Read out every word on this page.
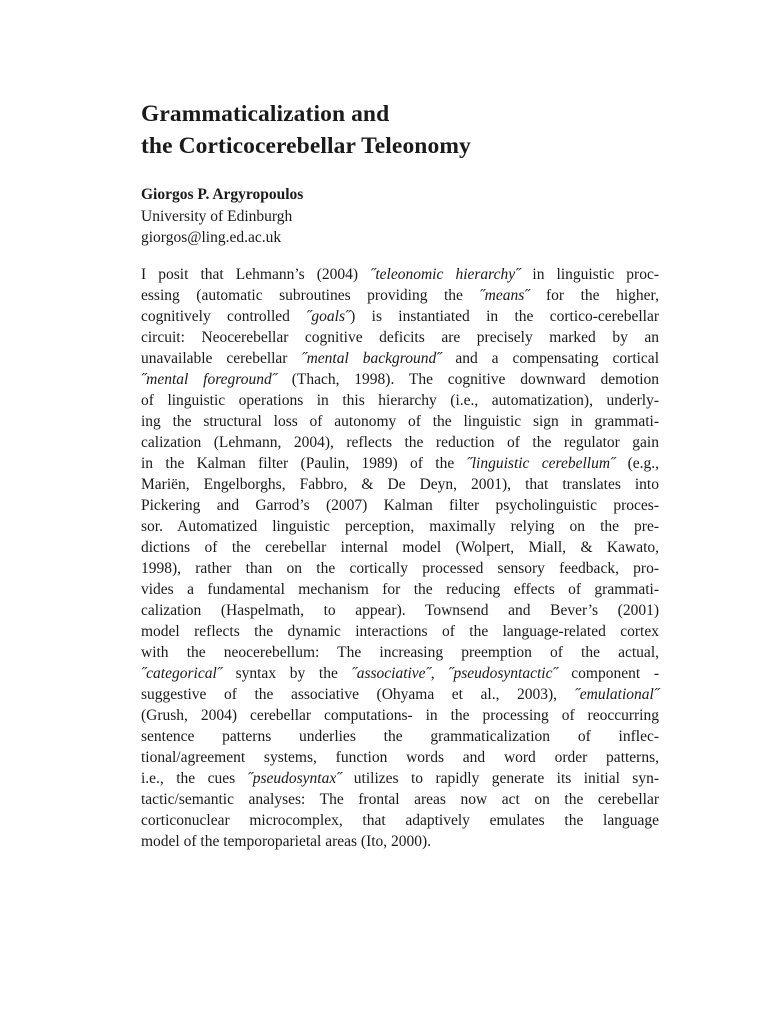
Grammaticalization and
the Corticocerebellar Teleonomy
Giorgos P. Argyropoulos
University of Edinburgh
giorgos@ling.ed.ac.uk
I posit that Lehmann’s (2004) ˝teleonomic hierarchy˝ in linguistic proc-
essing (automatic subroutines providing the ˝means˝ for the higher,
cognitively controlled ˝goals˝) is instantiated in the cortico-cerebellar
circuit: Neocerebellar cognitive deficits are precisely marked by an
unavailable cerebellar ˝mental background˝ and a compensating cortical
˝mental foreground˝ (Thach, 1998). The cognitive downward demotion
of linguistic operations in this hierarchy (i.e., automatization), underly-
ing the structural loss of autonomy of the linguistic sign in grammati-
calization (Lehmann, 2004), reflects the reduction of the regulator gain
in the Kalman filter (Paulin, 1989) of the ˝linguistic cerebellum˝ (e.g.,
Mariën, Engelborghs, Fabbro, & De Deyn, 2001), that translates into
Pickering and Garrod’s (2007) Kalman filter psycholinguistic proces-
sor. Automatized linguistic perception, maximally relying on the pre-
dictions of the cerebellar internal model (Wolpert, Miall, & Kawato,
1998), rather than on the cortically processed sensory feedback, pro-
vides a fundamental mechanism for the reducing effects of grammati-
calization (Haspelmath, to appear). Townsend and Bever’s (2001)
model reflects the dynamic interactions of the language-related cortex
with the neocerebellum: The increasing preemption of the actual,
˝categorical˝ syntax by the ˝associative˝, ˝pseudosyntactic˝ component -
suggestive of the associative (Ohyama et al., 2003), ˝emulational˝
(Grush, 2004) cerebellar computations- in the processing of reoccurring
sentence patterns underlies the grammaticalization of inflec-
tional/agreement systems, function words and word order patterns,
i.e., the cues ˝pseudosyntax˝ utilizes to rapidly generate its initial syn-
tactic/semantic analyses: The frontal areas now act on the cerebellar
corticonuclear microcomplex, that adaptively emulates the language
model of the temporoparietal areas (Ito, 2000).
